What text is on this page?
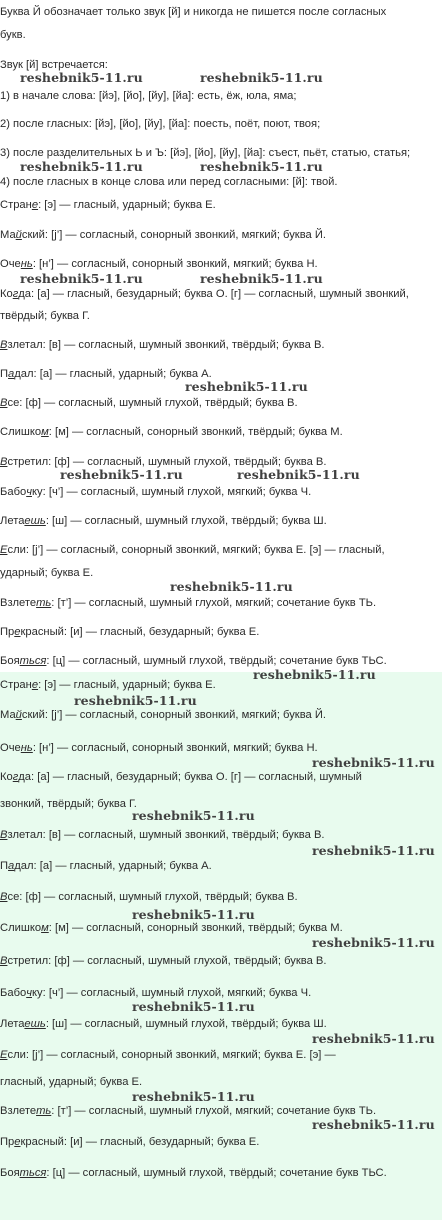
Буква Й обозначает только звук [й] и никогда не пишется после согласных
букв.
Звук [й] встречается:
1) в начале слова: [йэ], [йо], [йу], [йа]: есть, ёж, юла, яма;
2) после гласных: [йэ], [йо], [йу], [йа]: поесть, поёт, поют, твоя;
3) после разделительных Ь и Ъ: [йэ], [йо], [йу], [йа]: съест, пьёт, статью, статья;
4) после гласных в конце слова или перед согласными: [й]: твой.
Стране: [э] — гласный, ударный; буква Е.
Майский: [j’] — согласный, сонорный звонкий, мягкий; буква Й.
Очень: [н’] — согласный, сонорный звонкий, мягкий; буква Н.
Когда: [а] — гласный, безударный; буква О. [г] — согласный, шумный звонкий,
твёрдый; буква Г.
Взлетал: [в] — согласный, шумный звонкий, твёрдый; буква В.
Падал: [а] — гласный, ударный; буква А.
Все: [ф] — согласный, шумный глухой, твёрдый; буква В.
Слишком: [м] — согласный, сонорный звонкий, твёрдый; буква М.
Встретил: [ф] — согласный, шумный глухой, твёрдый; буква В.
Бабочку: [ч’] — согласный, шумный глухой, мягкий; буква Ч.
Летаешь: [ш] — согласный, шумный глухой, твёрдый; буква Ш.
Если: [j’] — согласный, сонорный звонкий, мягкий; буква Е. [э] — гласный,
ударный; буква Е.
Взлететь: [т’] — согласный, шумный глухой, мягкий; сочетание букв ТЬ.
Прекрасный: [и] — гласный, безударный; буква Е.
Бояться: [ц] — согласный, шумный глухой, твёрдый; сочетание букв ТЬС.
Стране: [э] — гласный, ударный; буква Е.
Майский: [j’] — согласный, сонорный звонкий, мягкий; буква Й.
Очень: [н’] — согласный, сонорный звонкий, мягкий; буква Н.
Когда: [а] — гласный, безударный; буква О. [г] — согласный, шумный
звонкий, твёрдый; буква Г.
Взлетал: [в] — согласный, шумный звонкий, твёрдый; буква В.
Падал: [а] — гласный, ударный; буква А.
Все: [ф] — согласный, шумный глухой, твёрдый; буква В.
Слишком: [м] — согласный, сонорный звонкий, твёрдый; буква М.
Встретил: [ф] — согласный, шумный глухой, твёрдый; буква В.
Бабочку: [ч’] — согласный, шумный глухой, мягкий; буква Ч.
Летаешь: [ш] — согласный, шумный глухой, твёрдый; буква Ш.
Если: [j’] — согласный, сонорный звонкий, мягкий; буква Е. [э] —
гласный, ударный; буква Е.
Взлететь: [т’] — согласный, шумный глухой, мягкий; сочетание букв ТЬ.
Прекрасный: [и] — гласный, безударный; буква Е.
Бояться: [ц] — согласный, шумный глухой, твёрдый; сочетание букв ТЬС.
reshebnik5-11.ru	reshebnik5-11.ru
reshebnik5-11.ru	reshebnik5-11.ru
reshebnik5-11.ru	reshebnik5-11.ru
reshebnik5-11.ru
reshebnik5-11.ru	reshebnik5-11.ru
reshebnik5-11.ru
reshebnik5-11.ru
reshebnik5-11.ru
reshebnik5-11.ru
reshebnik5-11.ru
reshebnik5-11.ru
reshebnik5-11.ru
reshebnik5-11.ru
reshebnik5-11.ru
reshebnik5-11.ru
reshebnik5-11.ru
reshebnik5-11.ru
